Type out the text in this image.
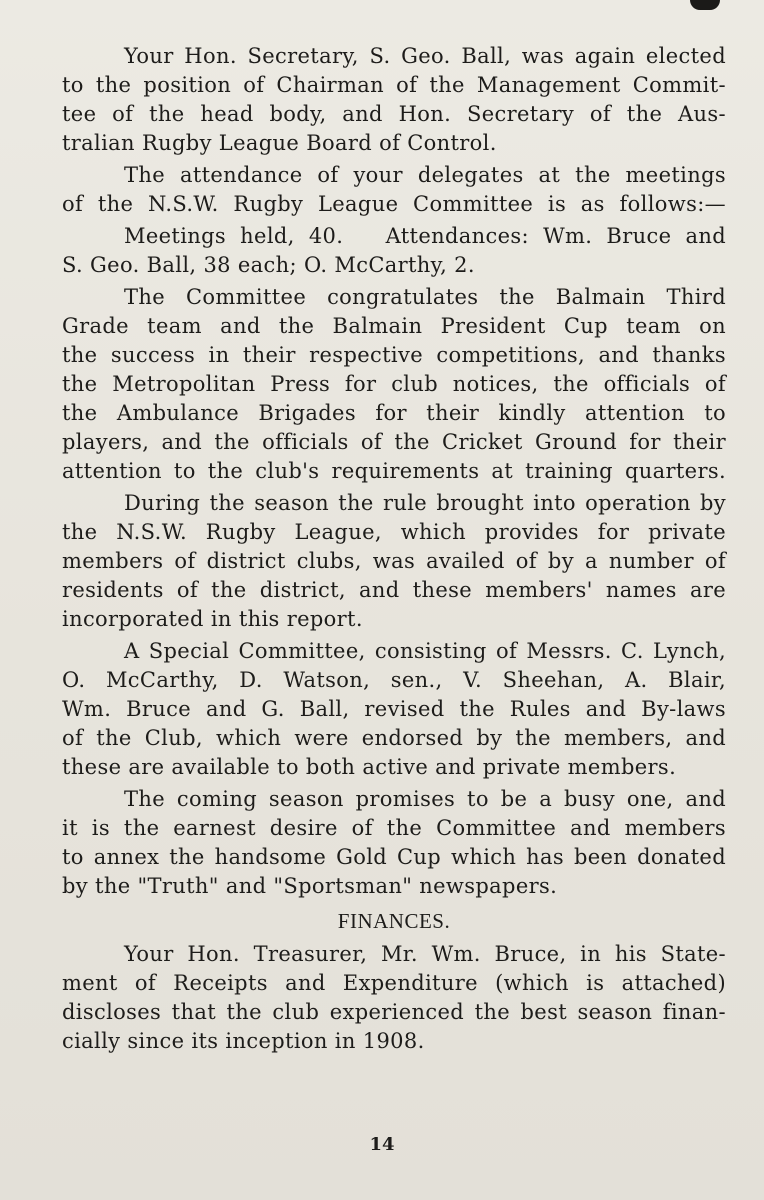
Your Hon. Secretary, S. Geo. Ball, was again elected
to the position of Chairman of the Management Commit-
tee of the head body, and Hon. Secretary of the Aus-
tralian Rugby League Board of Control.
The attendance of your delegates at the meetings
of the N.S.W. Rugby League Committee is as follows:—
Meetings held, 40.   Attendances: Wm. Bruce and
S. Geo. Ball, 38 each; O. McCarthy, 2.
The Committee congratulates the Balmain Third
Grade team and the Balmain President Cup team on
the success in their respective competitions, and thanks
the Metropolitan Press for club notices, the officials of
the Ambulance Brigades for their kindly attention to
players, and the officials of the Cricket Ground for their
attention to the club's requirements at training quarters.
During the season the rule brought into operation by
the N.S.W. Rugby League, which provides for private
members of district clubs, was availed of by a number of
residents of the district, and these members' names are
incorporated in this report.
A Special Committee, consisting of Messrs. C. Lynch,
O. McCarthy, D. Watson, sen., V. Sheehan, A. Blair,
Wm. Bruce and G. Ball, revised the Rules and By-laws
of the Club, which were endorsed by the members, and
these are available to both active and private members.
The coming season promises to be a busy one, and
it is the earnest desire of the Committee and members
to annex the handsome Gold Cup which has been donated
by the "Truth" and "Sportsman" newspapers.
FINANCES.
Your Hon. Treasurer, Mr. Wm. Bruce, in his State-
ment of Receipts and Expenditure (which is attached)
discloses that the club experienced the best season finan-
cially since its inception in 1908.
14
